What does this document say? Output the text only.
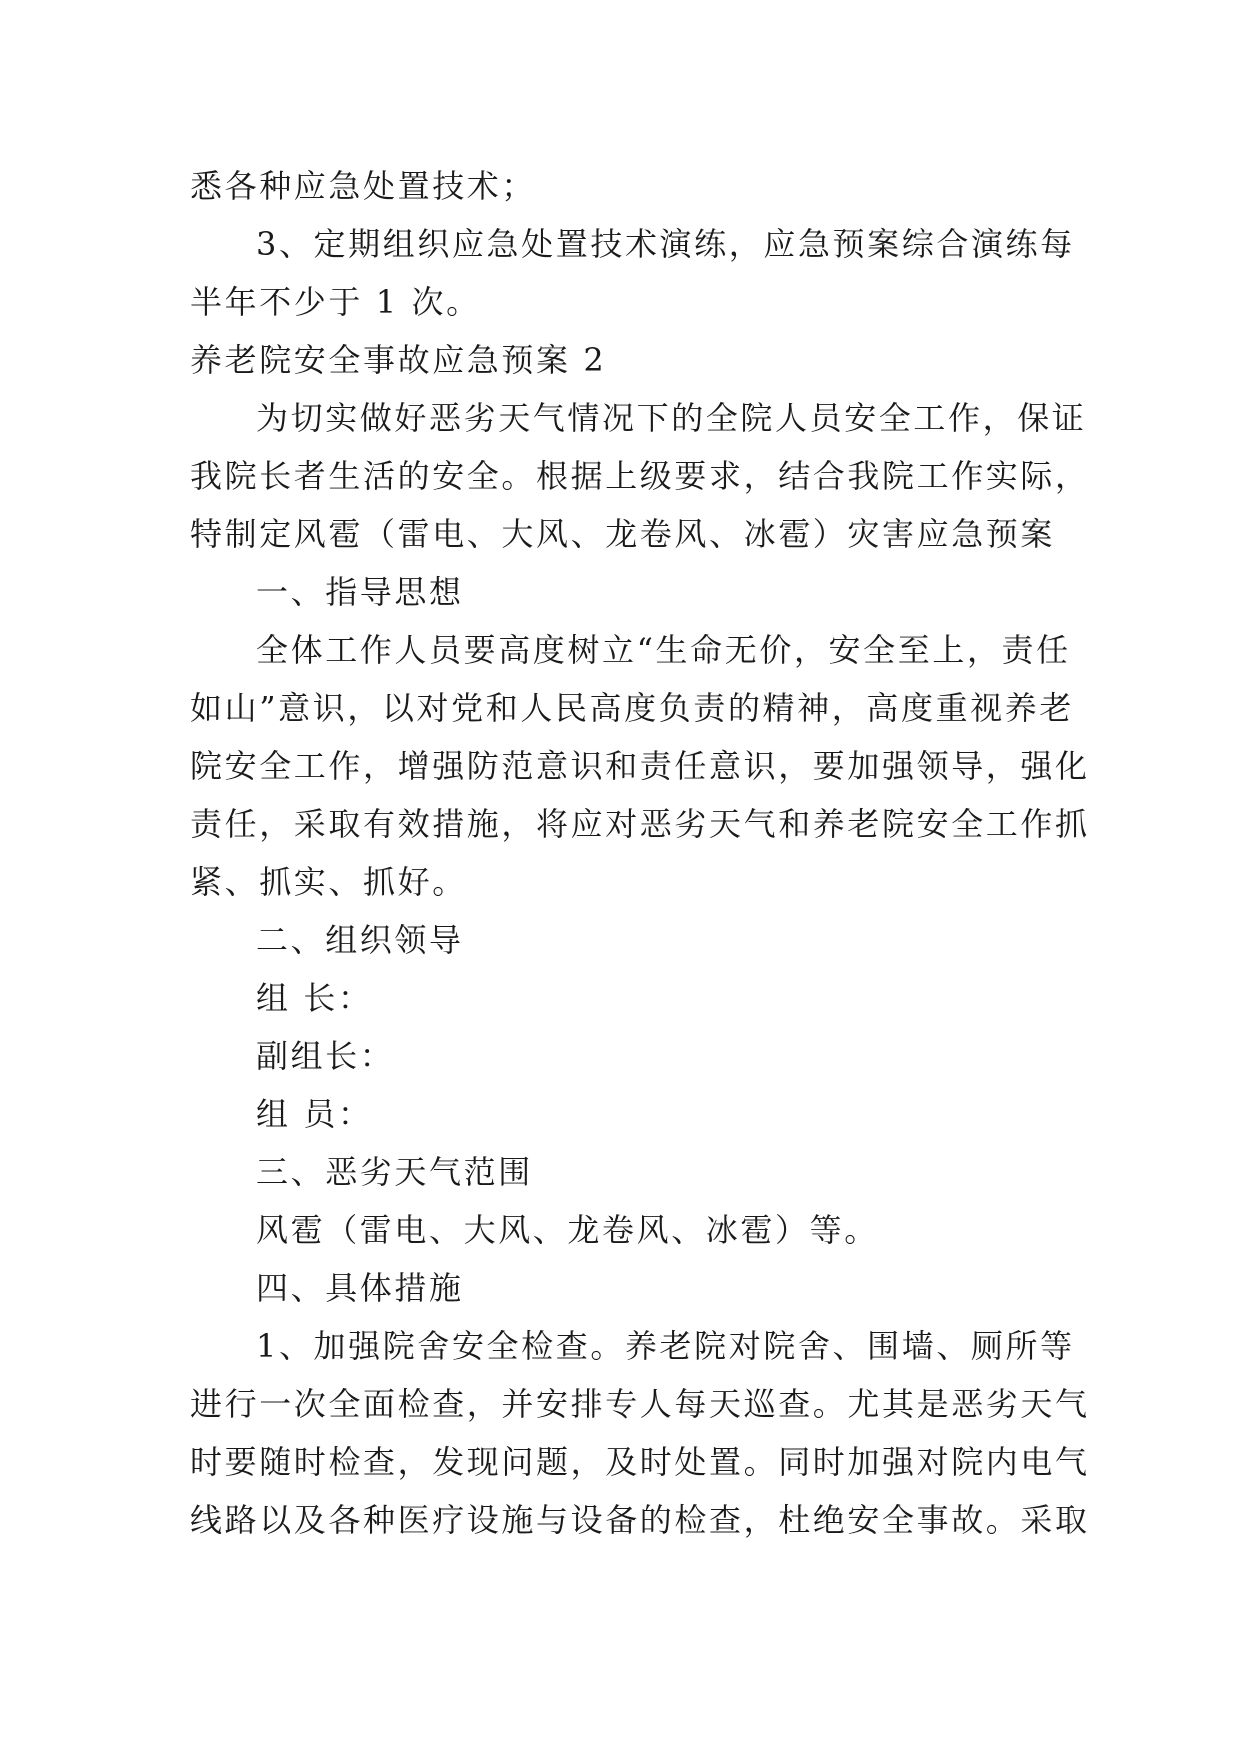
悉各种应急处置技术；
3、定期组织应急处置技术演练，应急预案综合演练每
半年不少于 1 次。
养老院安全事故应急预案 2
为切实做好恶劣天气情况下的全院人员安全工作，保证
我院长者生活的安全。根据上级要求，结合我院工作实际，
特制定风雹（雷电、大风、龙卷风、冰雹）灾害应急预案
一、指导思想
全体工作人员要高度树立“生命无价，安全至上，责任
如山”意识，以对党和人民高度负责的精神，高度重视养老
院安全工作，增强防范意识和责任意识，要加强领导，强化
责任，采取有效措施，将应对恶劣天气和养老院安全工作抓
紧、抓实、抓好。
二、组织领导
组 长：
副组长：
组 员：
三、恶劣天气范围
风雹（雷电、大风、龙卷风、冰雹）等。
四、具体措施
1、加强院舍安全检查。养老院对院舍、围墙、厕所等
进行一次全面检查，并安排专人每天巡查。尤其是恶劣天气
时要随时检查，发现问题，及时处置。同时加强对院内电气
线路以及各种医疗设施与设备的检查，杜绝安全事故。采取
